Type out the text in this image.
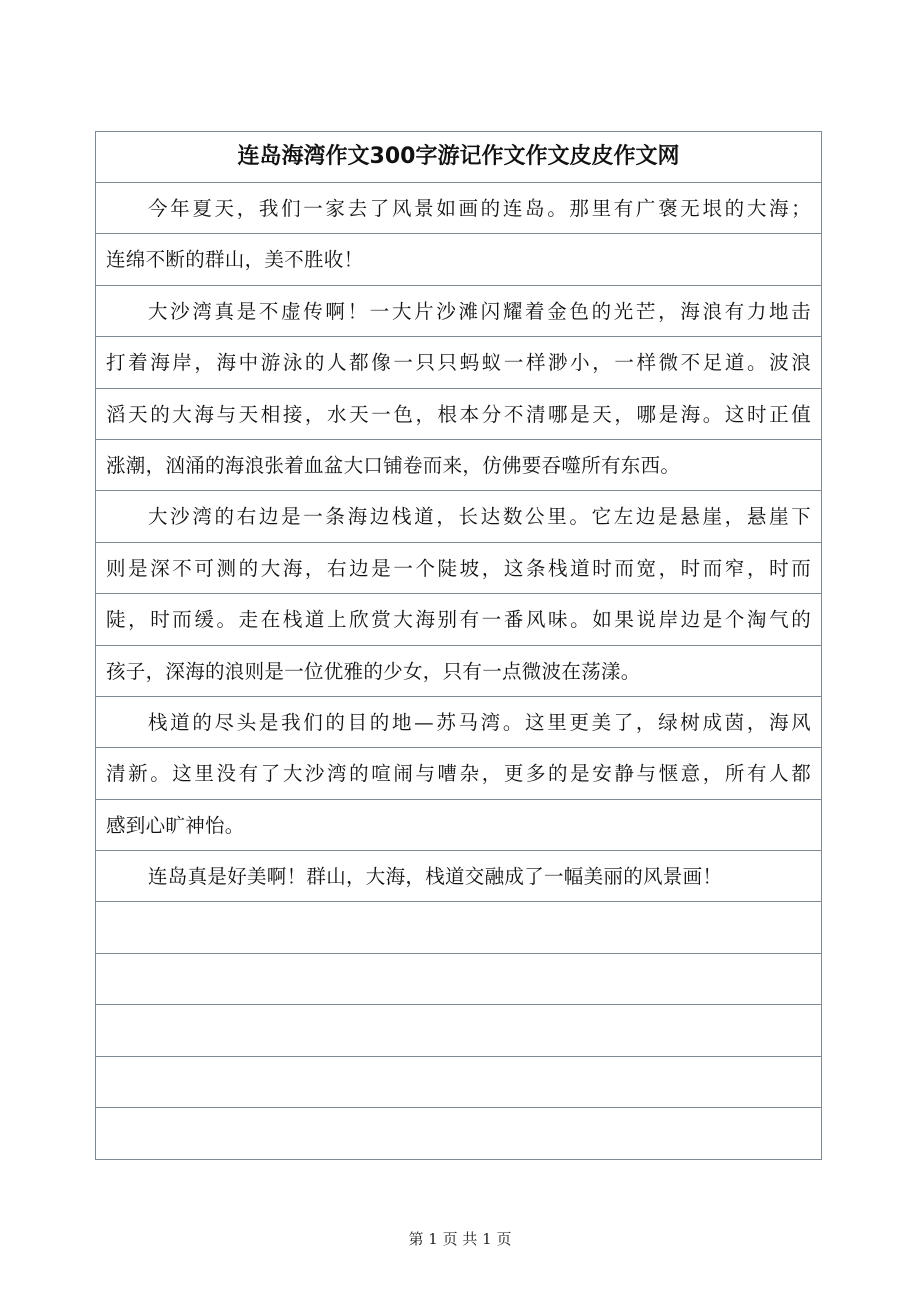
连岛海湾作文300字游记作文作文皮皮作文网
今年夏天，我们一家去了风景如画的连岛。那里有广褒无垠的大海；
连绵不断的群山，美不胜收！
大沙湾真是不虚传啊！一大片沙滩闪耀着金色的光芒，海浪有力地击
打着海岸，海中游泳的人都像一只只蚂蚁一样渺小，一样微不足道。波浪
滔天的大海与天相接，水天一色，根本分不清哪是天，哪是海。这时正值
涨潮，汹涌的海浪张着血盆大口铺卷而来，仿佛要吞噬所有东西。
大沙湾的右边是一条海边栈道，长达数公里。它左边是悬崖，悬崖下
则是深不可测的大海，右边是一个陡坡，这条栈道时而宽，时而窄，时而
陡，时而缓。走在栈道上欣赏大海别有一番风味。如果说岸边是个淘气的
孩子，深海的浪则是一位优雅的少女，只有一点微波在荡漾。
栈道的尽头是我们的目的地—苏马湾。这里更美了，绿树成茵，海风
清新。这里没有了大沙湾的喧闹与嘈杂，更多的是安静与惬意，所有人都
感到心旷神怡。
连岛真是好美啊！群山，大海，栈道交融成了一幅美丽的风景画！
第 1 页 共 1 页
